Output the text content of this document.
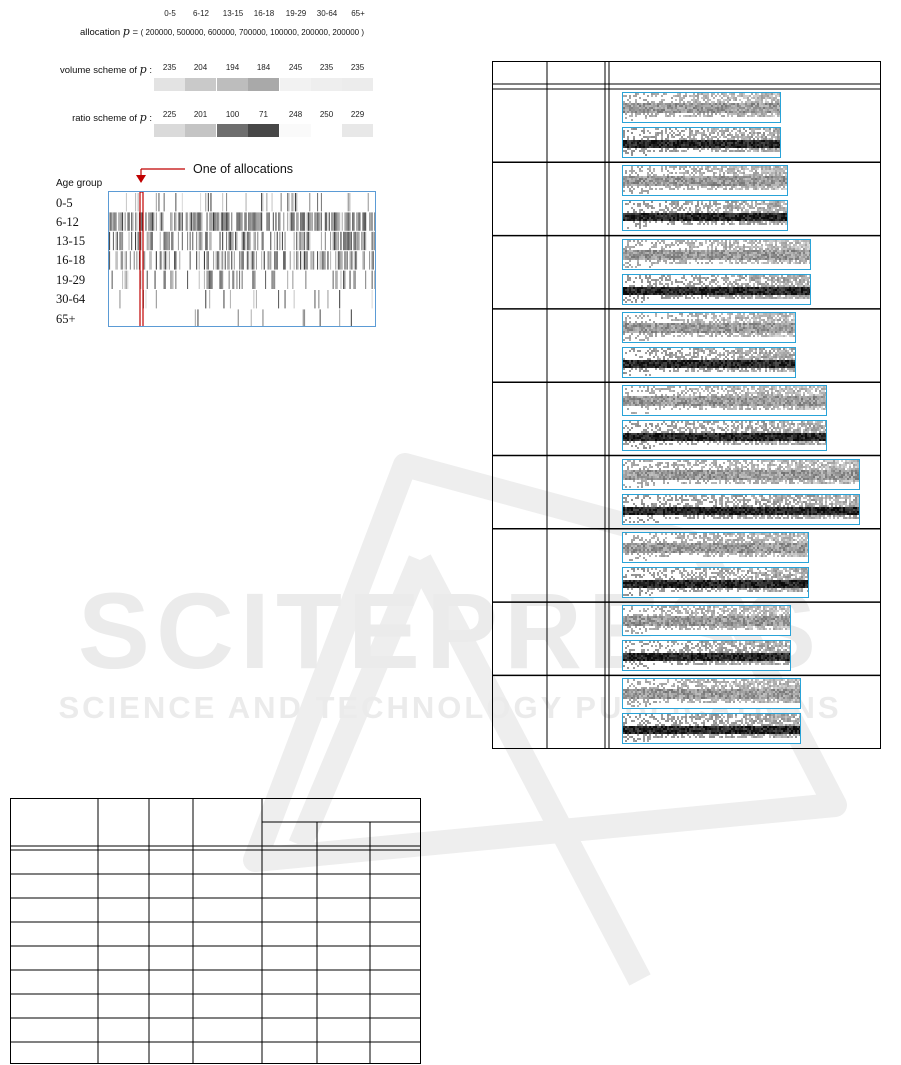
SCITEPRESS
SCIENCE AND TECHNOLOGY PUBLICATIONS
0-5	6-12	13-15	16-18	19-29	30-64	65+
allocation p = ( 200000, 500000, 600000, 700000, 100000, 200000, 200000 )
volume scheme of p :	235	204	194	184	245	235	235
ratio scheme of p :	225	201	100	71	248	250	229
One of allocations
Age group
0-5
6-12
13-15
16-18
19-29
30-64
65+
